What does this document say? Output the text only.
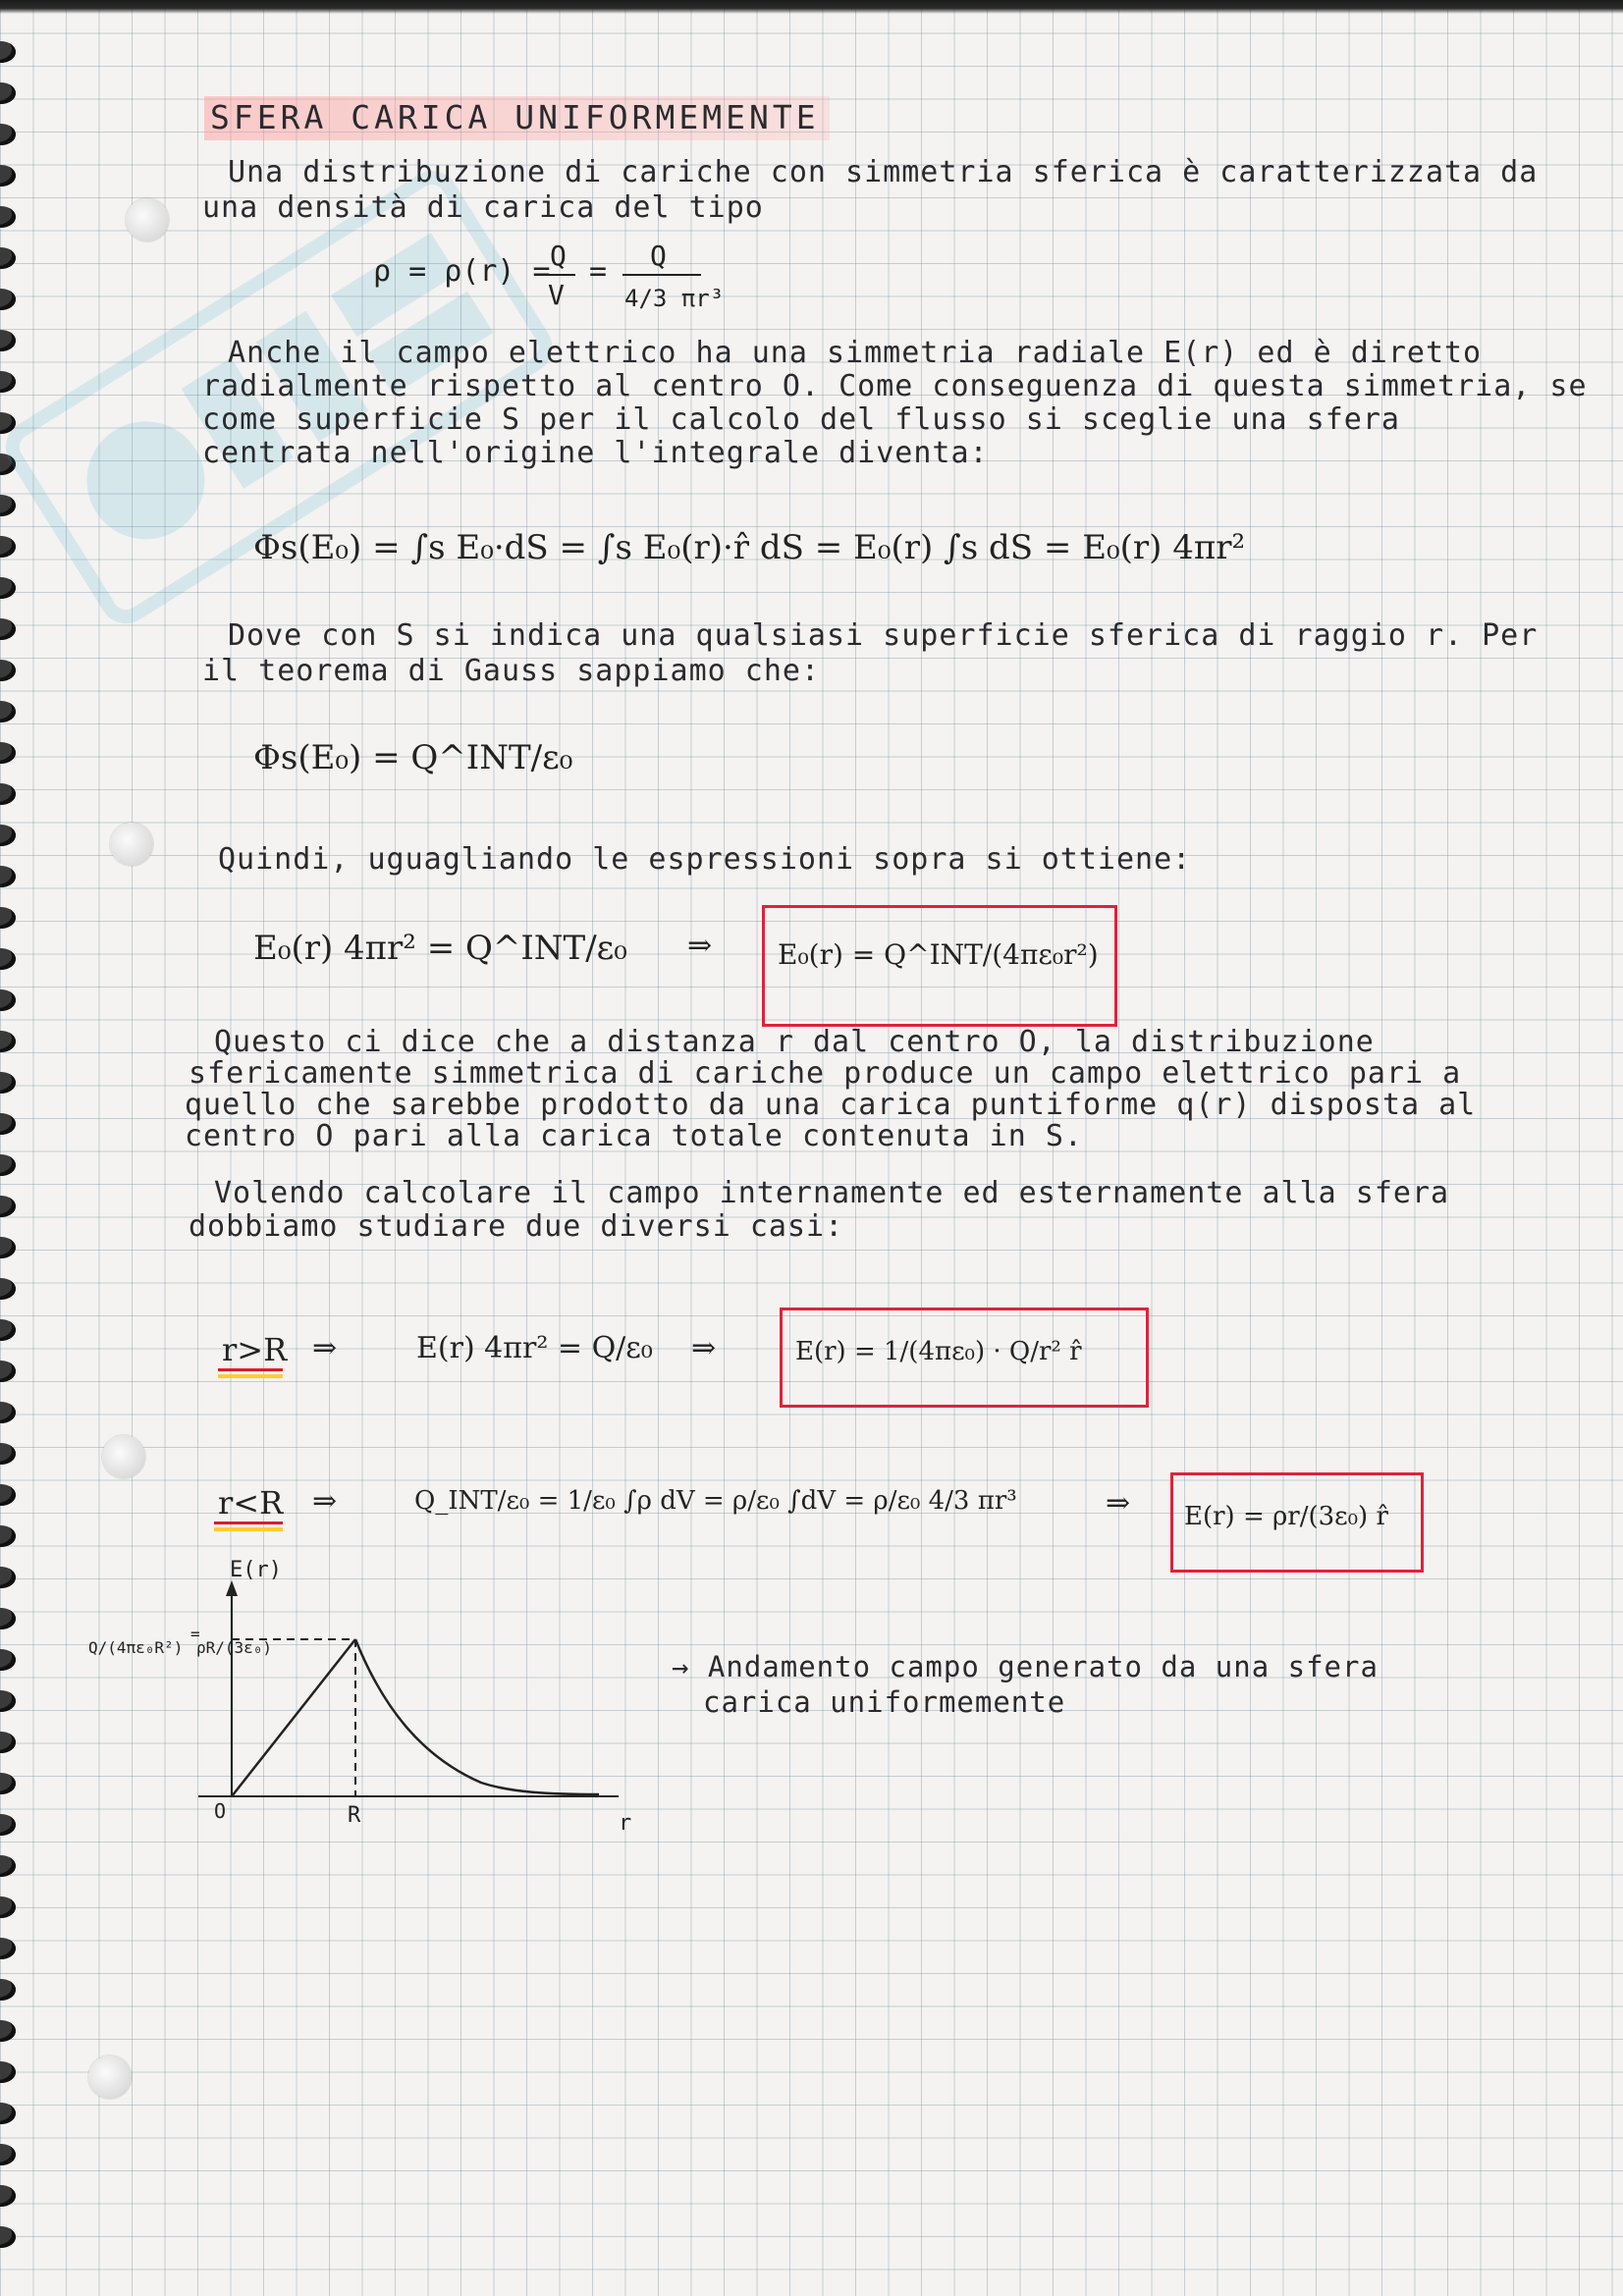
SFERA CARICA UNIFORMEMENTE
Una distribuzione di cariche con simmetria sferica è caratterizzata da
una densità di carica del tipo
ρ = ρ(r) = Q
V
= Q
4/3 πr³
Anche il campo elettrico ha una simmetria radiale E(r) ed è diretto
radialmente rispetto al centro O. Come conseguenza di questa simmetria, se
come superficie S per il calcolo del flusso si sceglie una sfera
centrata nell'origine l'integrale diventa:
Φs(E₀) = ∫s E₀·dS = ∫s E₀(r)·r̂ dS = E₀(r) ∫s dS = E₀(r) 4πr²
Dove con S si indica una qualsiasi superficie sferica di raggio r. Per
il teorema di Gauss sappiamo che:
Φs(E₀) = Q^INT/ε₀
Quindi, uguagliando le espressioni sopra si ottiene:
E₀(r) 4πr² = Q^INT/ε₀ ⇒ E₀(r) = Q^INT/(4πε₀r²)
Questo ci dice che a distanza r dal centro O, la distribuzione
sfericamente simmetrica di cariche produce un campo elettrico pari a
quello che sarebbe prodotto da una carica puntiforme q(r) disposta al
centro O pari alla carica totale contenuta in S.
Volendo calcolare il campo internamente ed esternamente alla sfera
dobbiamo studiare due diversi casi:
r>R ⇒	E(r) 4πr² = Q/ε₀ ⇒	E(r) = 1/(4πε₀) · Q/r² r̂
r<R ⇒	Q_INT/ε₀ = 1/ε₀ ∫ρ dV = ρ/ε₀ ∫dV = ρ/ε₀ 4/3 πr³	⇒ E(r) = ρr/(3ε₀) r̂
E(r)
O	R	r
Q/(4πε₀R²)
=
ρR/(3ε₀)
→ Andamento campo generato da una sfera
carica uniformemente
